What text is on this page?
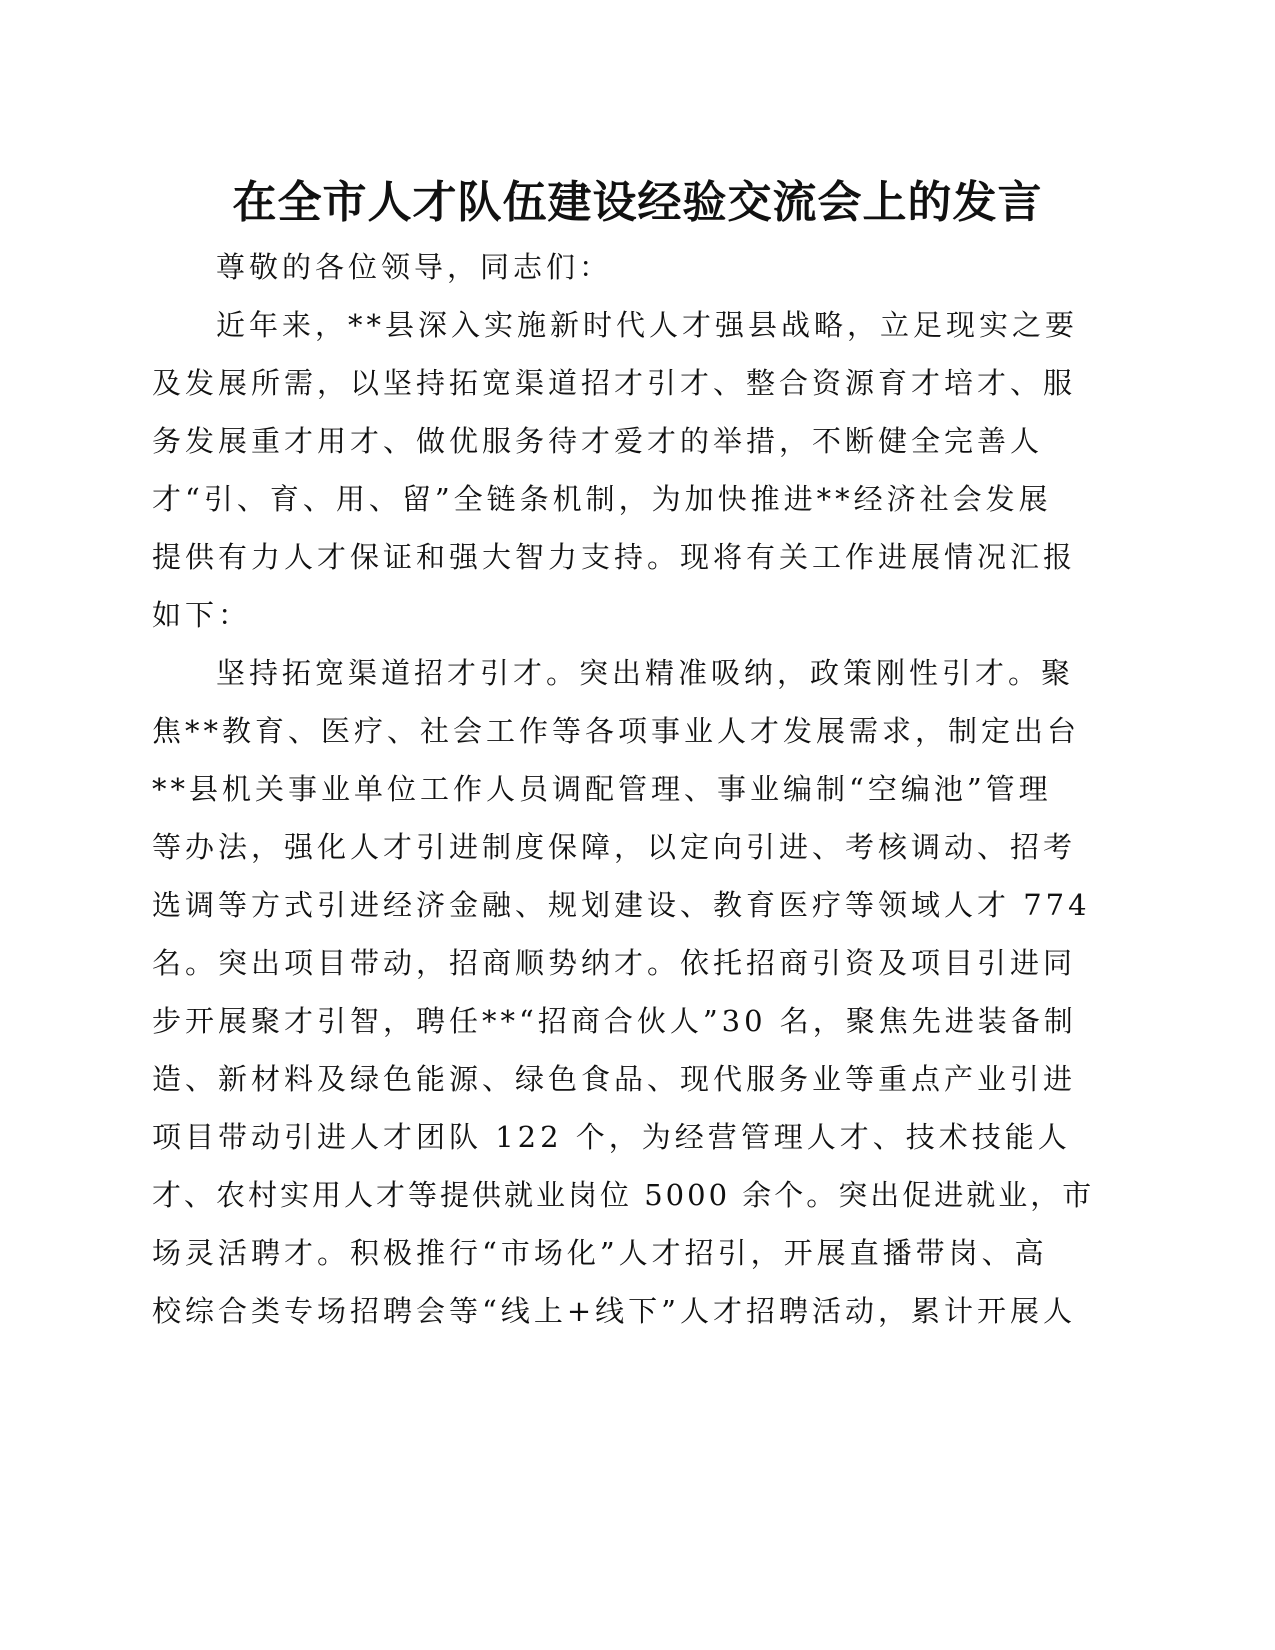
在全市人才队伍建设经验交流会上的发言
尊敬的各位领导，同志们：
近年来，**县深入实施新时代人才强县战略，立足现实之要
及发展所需，以坚持拓宽渠道招才引才、整合资源育才培才、服
务发展重才用才、做优服务待才爱才的举措，不断健全完善人
才“引、育、用、留”全链条机制，为加快推进**经济社会发展
提供有力人才保证和强大智力支持。现将有关工作进展情况汇报
如下：
坚持拓宽渠道招才引才。突出精准吸纳，政策刚性引才。聚
焦**教育、医疗、社会工作等各项事业人才发展需求，制定出台
**县机关事业单位工作人员调配管理、事业编制“空编池”管理
等办法，强化人才引进制度保障，以定向引进、考核调动、招考
选调等方式引进经济金融、规划建设、教育医疗等领域人才 774
名。突出项目带动，招商顺势纳才。依托招商引资及项目引进同
步开展聚才引智，聘任**“招商合伙人”30 名，聚焦先进装备制
造、新材料及绿色能源、绿色食品、现代服务业等重点产业引进
项目带动引进人才团队 122 个，为经营管理人才、技术技能人
才、农村实用人才等提供就业岗位 5000 余个。突出促进就业，市
场灵活聘才。积极推行“市场化”人才招引，开展直播带岗、高
校综合类专场招聘会等“线上+线下”人才招聘活动，累计开展人
